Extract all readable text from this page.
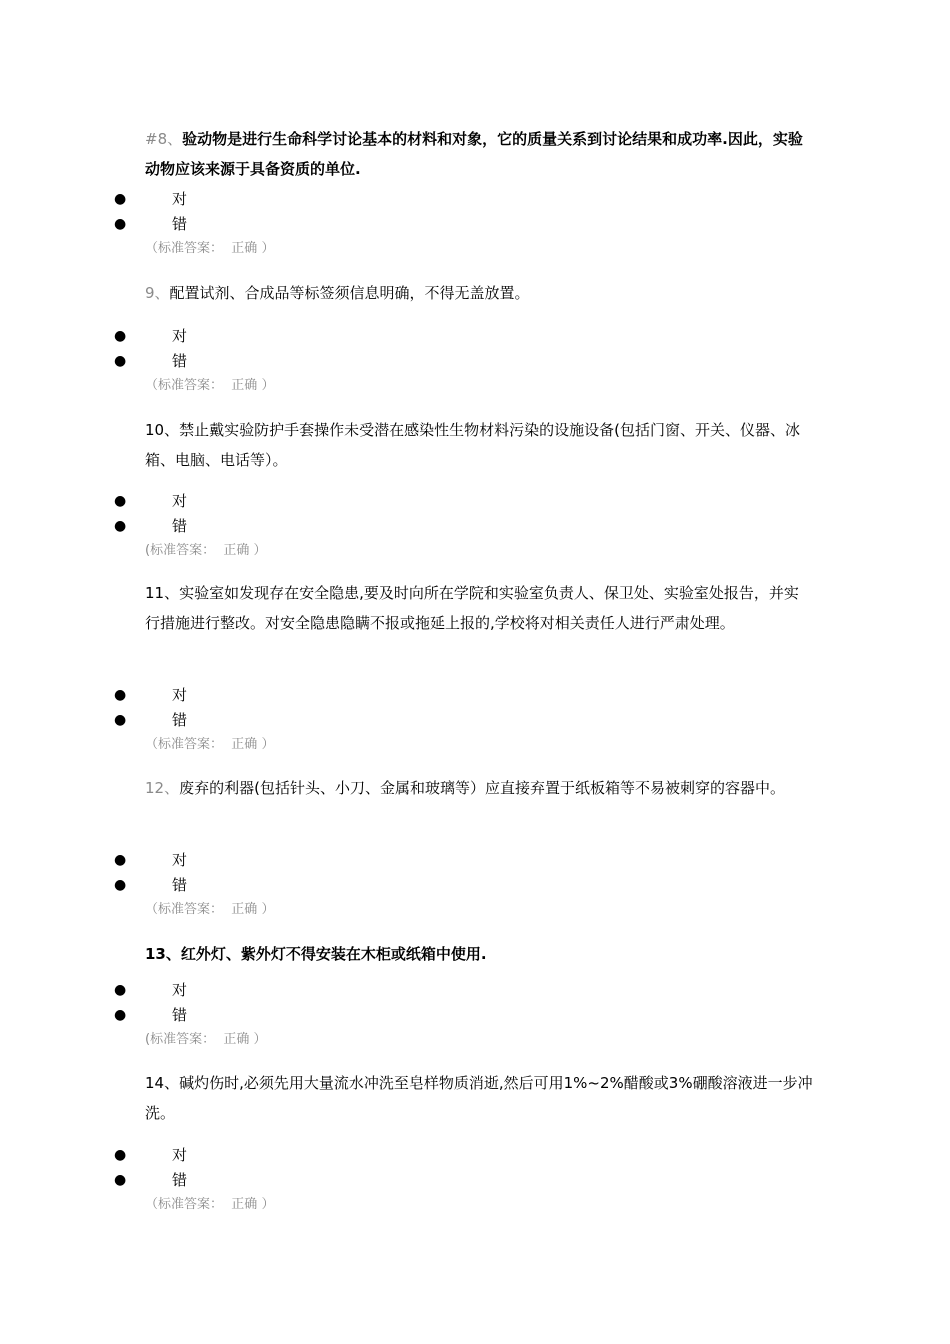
#8、验动物是进行生命科学讨论基本的材料和对象，它的质量关系到讨论结果和成功率.因此，实验动物应该来源于具备资质的单位.

●	对
●	错
（标准答案： 正确 ）

9、配置试剂、合成品等标签须信息明确，不得无盖放置。

●	对
●	错
（标准答案： 正确 ）

10、禁止戴实验防护手套操作未受潜在感染性生物材料污染的设施设备(包括门窗、开关、仪器、冰箱、电脑、电话等）。

●	对
●	错
(标准答案： 正确 ）

11、实验室如发现存在安全隐患,要及时向所在学院和实验室负责人、保卫处、实验室处报告，并实行措施进行整改。对安全隐患隐瞒不报或拖延上报的,学校将对相关责任人进行严肃处理。

●	对
●	错
（标准答案： 正确 ）

12、废弃的利器(包括针头、小刀、金属和玻璃等）应直接弃置于纸板箱等不易被刺穿的容器中。

●	对
●	错
（标准答案： 正确 ）

13、红外灯、紫外灯不得安装在木柜或纸箱中使用.

●	对
●	错
(标准答案： 正确 ）

14、碱灼伤时,必须先用大量流水冲洗至皂样物质消逝,然后可用1%~2%醋酸或3%硼酸溶液进一步冲洗。

●	对
●	错
（标准答案： 正确 ）
